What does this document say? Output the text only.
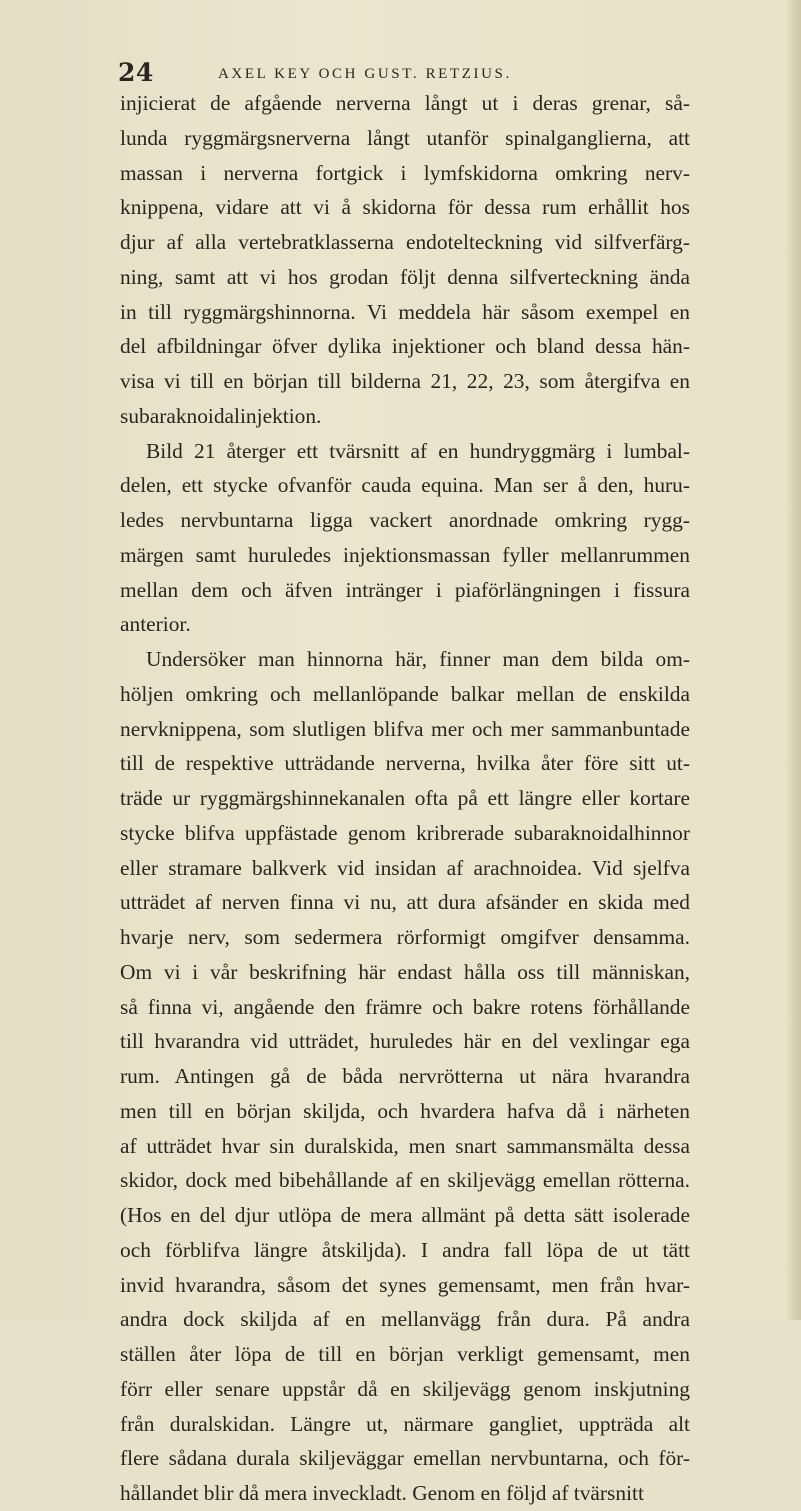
24	AXEL KEY OCH GUST. RETZIUS.
injicierat de afgående nerverna långt ut i deras grenar, så-
lunda ryggmärgsnerverna långt utanför spinalganglierna, att
massan i nerverna fortgick i lymfskidorna omkring nerv-
knippena, vidare att vi å skidorna för dessa rum erhållit hos
djur af alla vertebratklasserna endotelteckning vid silfverfärg-
ning, samt att vi hos grodan följt denna silfverteckning ända
in till ryggmärgshinnorna. Vi meddela här såsom exempel en
del afbildningar öfver dylika injektioner och bland dessa hän-
visa vi till en början till bilderna 21, 22, 23, som återgifva en
subaraknoidalinjektion.
Bild 21 återger ett tvärsnitt af en hundryggmärg i lumbal-
delen, ett stycke ofvanför cauda equina. Man ser å den, huru-
ledes nervbuntarna ligga vackert anordnade omkring rygg-
märgen samt huruledes injektionsmassan fyller mellanrummen
mellan dem och äfven intränger i piaförlängningen i fissura
anterior.
Undersöker man hinnorna här, finner man dem bilda om-
höljen omkring och mellanlöpande balkar mellan de enskilda
nervknippena, som slutligen blifva mer och mer sammanbuntade
till de respektive utträdande nerverna, hvilka åter före sitt ut-
träde ur ryggmärgshinnekanalen ofta på ett längre eller kortare
stycke blifva uppfästade genom kribrerade subaraknoidalhinnor
eller stramare balkverk vid insidan af arachnoidea. Vid sjelfva
utträdet af nerven finna vi nu, att dura afsänder en skida med
hvarje nerv, som sedermera rörformigt omgifver densamma.
Om vi i vår beskrifning här endast hålla oss till människan,
så finna vi, angående den främre och bakre rotens förhållande
till hvarandra vid utträdet, huruledes här en del vexlingar ega
rum. Antingen gå de båda nervrötterna ut nära hvarandra
men till en början skiljda, och hvardera hafva då i närheten
af utträdet hvar sin duralskida, men snart sammansmälta dessa
skidor, dock med bibehållande af en skiljevägg emellan rötterna.
(Hos en del djur utlöpa de mera allmänt på detta sätt isolerade
och förblifva längre åtskiljda). I andra fall löpa de ut tätt
invid hvarandra, såsom det synes gemensamt, men från hvar-
andra dock skiljda af en mellanvägg från dura. På andra
ställen åter löpa de till en början verkligt gemensamt, men
förr eller senare uppstår då en skiljevägg genom inskjutning
från duralskidan. Längre ut, närmare gangliet, uppträda alt
flere sådana durala skiljeväggar emellan nervbuntarna, och för-
hållandet blir då mera inveckladt. Genom en följd af tvärsnitt
